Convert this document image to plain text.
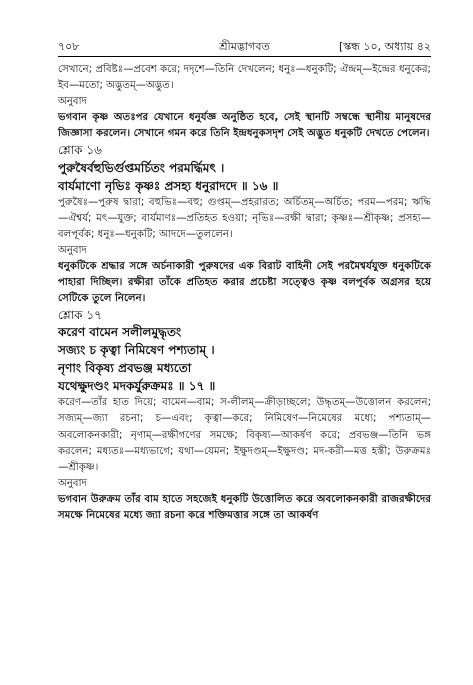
৭০৮	শ্রীমদ্ভাগবত	[স্কন্ধ ১০, অধ্যায় ৪২

সেখানে; প্রবিষ্টঃ—প্রবেশ করে; দদৃশে—তিনি দেখলেন; ধনুঃ—ধনুকটি; ঐন্দ্রম্—ইন্দ্রের ধনুকের; ইব—মতো; অদ্ভুতম্—অদ্ভুত।

অনুবাদ

ভগবান কৃষ্ণ অতঃপর যেখানে ধনুর্যজ্ঞ অনুষ্ঠিত হবে, সেই স্থানটি সম্বন্ধে স্থানীয় মানুষদের জিজ্ঞাসা করলেন। সেখানে গমন করে তিনি ইন্দ্রধনুকসদৃশ সেই অদ্ভুত ধনুকটি দেখতে পেলেন।

শ্লোক ১৬

পুরুষৈর্বহুভির্গুপ্তমর্চিতং পরমর্দ্ধিমৎ ।

বার্যমাণো নৃভিঃ কৃষ্ণঃ প্রসহ্য ধনুরাদদে ॥ ১৬ ॥

পুরুষৈঃ—পুরুষ দ্বারা; বহুভিঃ—বহু; গুপ্তম্—প্রহরারত; অর্চিতম্—অর্চিত; পরম—পরম; ঋদ্ধি—ঐশ্বর্য; মৎ—যুক্ত; বার্যমাণঃ—প্রতিহত হওয়া; নৃভিঃ—রক্ষী দ্বারা; কৃষ্ণঃ—শ্রীকৃষ্ণ; প্রসহ্য—বলপূর্বক; ধনুঃ—ধনুকটি; আদদে—তুললেন।

অনুবাদ

ধনুকটিকে শ্রদ্ধার সঙ্গে অর্চনাকারী পুরুষদের এক বিরাট বাহিনী সেই পরমৈশ্বর্যযুক্ত ধনুকটিকে পাহারা দিচ্ছিল। রক্ষীরা তাঁকে প্রতিহত করার প্রচেষ্টা সত্ত্বেও কৃষ্ণ বলপূর্বক অগ্রসর হয়ে সেটিকে তুলে নিলেন।

শ্লোক ১৭

করেণ বামেন সলীলমুদ্ধৃতং

সজ্যং চ কৃত্বা নিমিষেণ পশ্যতাম্ ।

নৃণাং বিকৃষ্য প্রবভঞ্জ মধ্যতো

যথেক্ষুদণ্ডং মদকর্যুরুক্রমঃ ॥ ১৭ ॥

করেণ—তাঁর হাত দিয়ে; বামেন—বাম; স-লীলম্—ক্রীড়াচ্ছলে; উদ্ধৃতম্—উত্তোলন করলেন; সজ্যম্—জ্যা রচনা; চ—এবং; কৃত্বা—করে; নিমিষেণ—নিমেষের মধ্যে; পশ্যতাম্—অবলোকনকারী; নৃণাম্—রক্ষীগণের সমক্ষে; বিকৃষ্য—আকর্ষণ করে; প্রবভঞ্জ—তিনি ভঙ্গ করলেন; মধ্যতঃ—মধ্যভাগে; যথা—যেমন; ইক্ষুদণ্ডম্—ইক্ষুদণ্ড; মদ-করী—মত্ত হস্তী; উরুক্রমঃ—শ্রীকৃষ্ণ।

অনুবাদ

ভগবান উরুক্রম তাঁর বাম হাতে সহজেই ধনুকটি উত্তোলিত করে অবলোকনকারী রাজরক্ষীদের সমক্ষে নিমেষের মধ্যে জ্যা রচনা করে শক্তিমত্তার সঙ্গে তা আকর্ষণ
